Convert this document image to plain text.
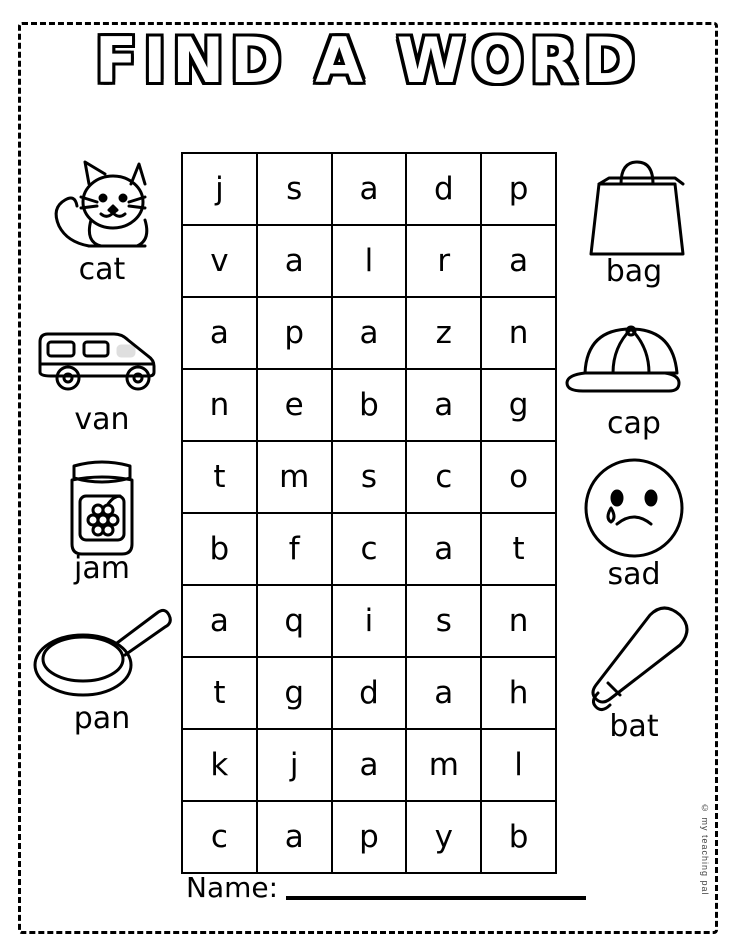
FIND A WORD
cat
van
jam
pan
bag
cap
sad
bat
j	s	a	d	p
v	a	l	r	a
a	p	a	z	n
n	e	b	a	g
t	m	s	c	o
b	f	c	a	t
a	q	i	s	n
t	g	d	a	h
k	j	a	m	l
c	a	p	y	b
Name:	© my teaching pal
